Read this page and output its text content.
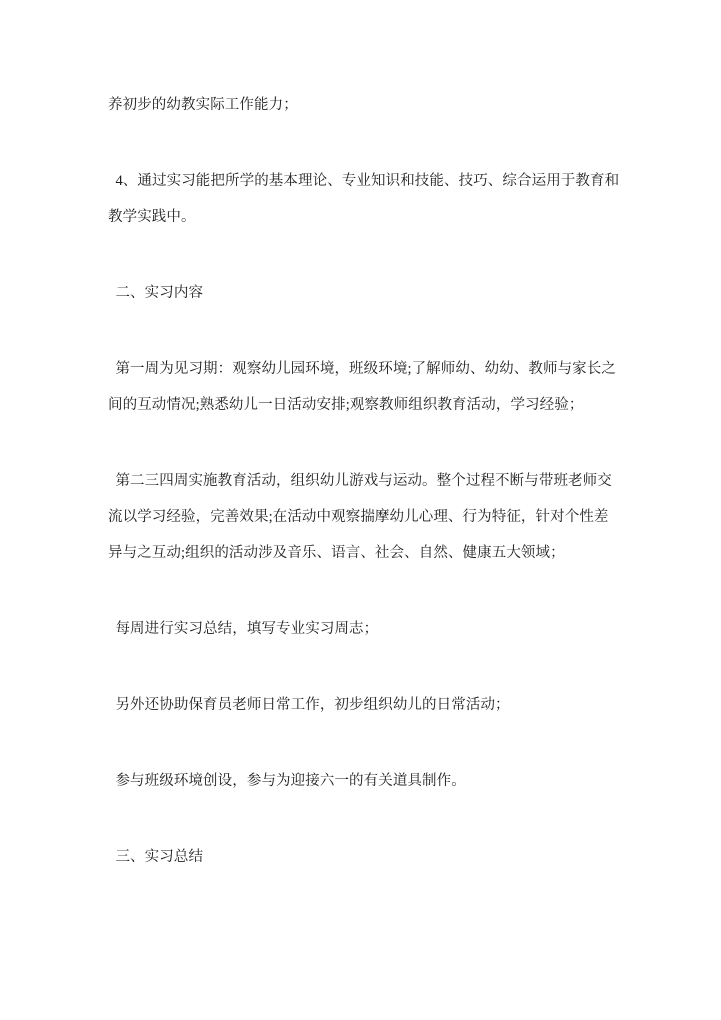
养初步的幼教实际工作能力；
4、通过实习能把所学的基本理论、专业知识和技能、技巧、综合运用于教育和
教学实践中。
二、实习内容
第一周为见习期：观察幼儿园环境，班级环境;了解师幼、幼幼、教师与家长之
间的互动情况;熟悉幼儿一日活动安排;观察教师组织教育活动，学习经验；
第二三四周实施教育活动，组织幼儿游戏与运动。整个过程不断与带班老师交
流以学习经验，完善效果;在活动中观察揣摩幼儿心理、行为特征，针对个性差
异与之互动;组织的活动涉及音乐、语言、社会、自然、健康五大领域；
每周进行实习总结，填写专业实习周志；
另外还协助保育员老师日常工作，初步组织幼儿的日常活动；
参与班级环境创设，参与为迎接六一的有关道具制作。
三、实习总结
